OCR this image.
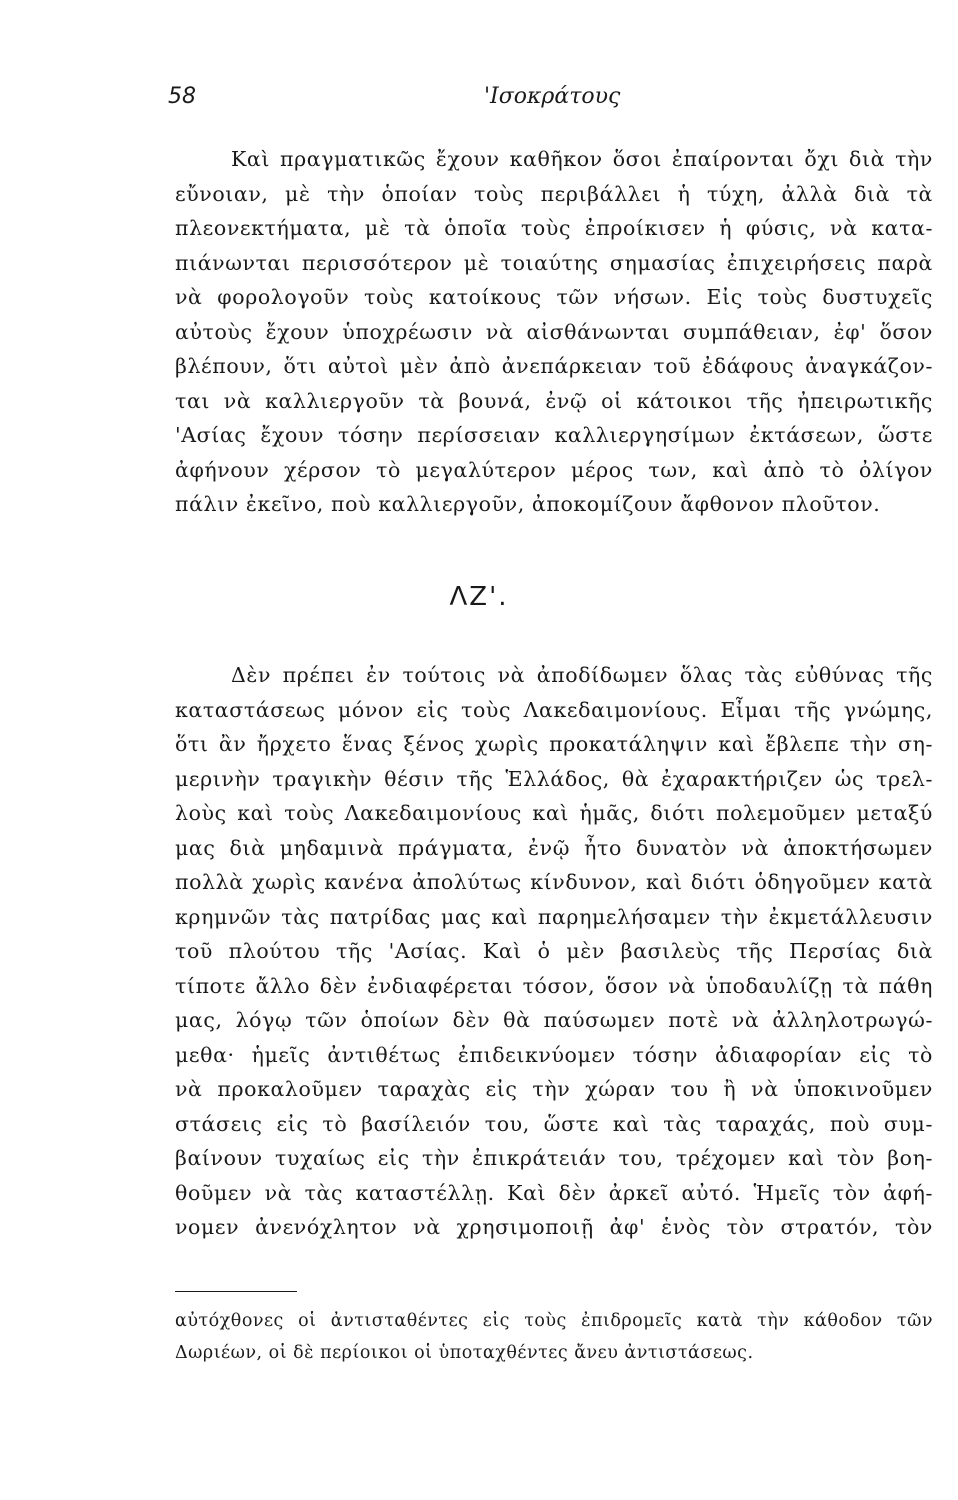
58	'Ισοκράτους

Καὶ πραγματικῶς ἔχουν καθῆκον ὅσοι ἐπαίρονται ὄχι διὰ τὴν
εὔνοιαν, μὲ τὴν ὁποίαν τοὺς περιβάλλει ἡ τύχη, ἀλλὰ διὰ τὰ
πλεονεκτήματα, μὲ τὰ ὁποῖα τοὺς ἐπροίκισεν ἡ φύσις, νὰ κατα-
πιάνωνται περισσότερον μὲ τοιαύτης σημασίας ἐπιχειρήσεις παρὰ
νὰ φορολογοῦν τοὺς κατοίκους τῶν νήσων. Εἰς τοὺς δυστυχεῖς
αὐτοὺς ἔχουν ὑποχρέωσιν νὰ αἰσθάνωνται συμπάθειαν, ἐφ' ὅσον
βλέπουν, ὅτι αὐτοὶ μὲν ἀπὸ ἀνεπάρκειαν τοῦ ἐδάφους ἀναγκάζον-
ται νὰ καλλιεργοῦν τὰ βουνά, ἐνῷ οἱ κάτοικοι τῆς ἠπειρωτικῆς
'Ασίας ἔχουν τόσην περίσσειαν καλλιεργησίμων ἐκτάσεων, ὥστε
ἀφήνουν χέρσον τὸ μεγαλύτερον μέρος των, καὶ ἀπὸ τὸ ὀλίγον
πάλιν ἐκεῖνο, ποὺ καλλιεργοῦν, ἀποκομίζουν ἄφθονον πλοῦτον.

ΛΖ'.

Δὲν πρέπει ἐν τούτοις νὰ ἀποδίδωμεν ὅλας τὰς εὐθύνας τῆς
καταστάσεως μόνον εἰς τοὺς Λακεδαιμονίους. Εἶμαι τῆς γνώμης,
ὅτι ἂν ἤρχετο ἕνας ξένος χωρὶς προκατάληψιν καὶ ἔβλεπε τὴν ση-
μερινὴν τραγικὴν θέσιν τῆς Ἑλλάδος, θὰ ἐχαρακτήριζεν ὡς τρελ-
λοὺς καὶ τοὺς Λακεδαιμονίους καὶ ἡμᾶς, διότι πολεμοῦμεν μεταξύ
μας διὰ μηδαμινὰ πράγματα, ἐνῷ ἦτο δυνατὸν νὰ ἀποκτήσωμεν
πολλὰ χωρὶς κανένα ἀπολύτως κίνδυνον, καὶ διότι ὁδηγοῦμεν κατὰ
κρημνῶν τὰς πατρίδας μας καὶ παρημελήσαμεν τὴν ἐκμετάλλευσιν
τοῦ πλούτου τῆς 'Ασίας. Καὶ ὁ μὲν βασιλεὺς τῆς Περσίας διὰ
τίποτε ἄλλο δὲν ἐνδιαφέρεται τόσον, ὅσον νὰ ὑποδαυλίζῃ τὰ πάθη
μας, λόγῳ τῶν ὁποίων δὲν θὰ παύσωμεν ποτὲ νὰ ἀλληλοτρωγώ-
μεθα· ἡμεῖς ἀντιθέτως ἐπιδεικνύομεν τόσην ἀδιαφορίαν εἰς τὸ
νὰ προκαλοῦμεν ταραχὰς εἰς τὴν χώραν του ἢ νὰ ὑποκινοῦμεν
στάσεις εἰς τὸ βασίλειόν του, ὥστε καὶ τὰς ταραχάς, ποὺ συμ-
βαίνουν τυχαίως εἰς τὴν ἐπικράτειάν του, τρέχομεν καὶ τὸν βοη-
θοῦμεν νὰ τὰς καταστέλλῃ. Καὶ δὲν ἀρκεῖ αὐτό. Ἡμεῖς τὸν ἀφή-
νομεν ἀνενόχλητον νὰ χρησιμοποιῇ ἀφ' ἑνὸς τὸν στρατόν, τὸν
αὐτόχθονες οἱ ἀντισταθέντες εἰς τοὺς ἐπιδρομεῖς κατὰ τὴν κάθοδον τῶν
Δωριέων, οἱ δὲ περίοικοι οἱ ὑποταχθέντες ἄνευ ἀντιστάσεως.
